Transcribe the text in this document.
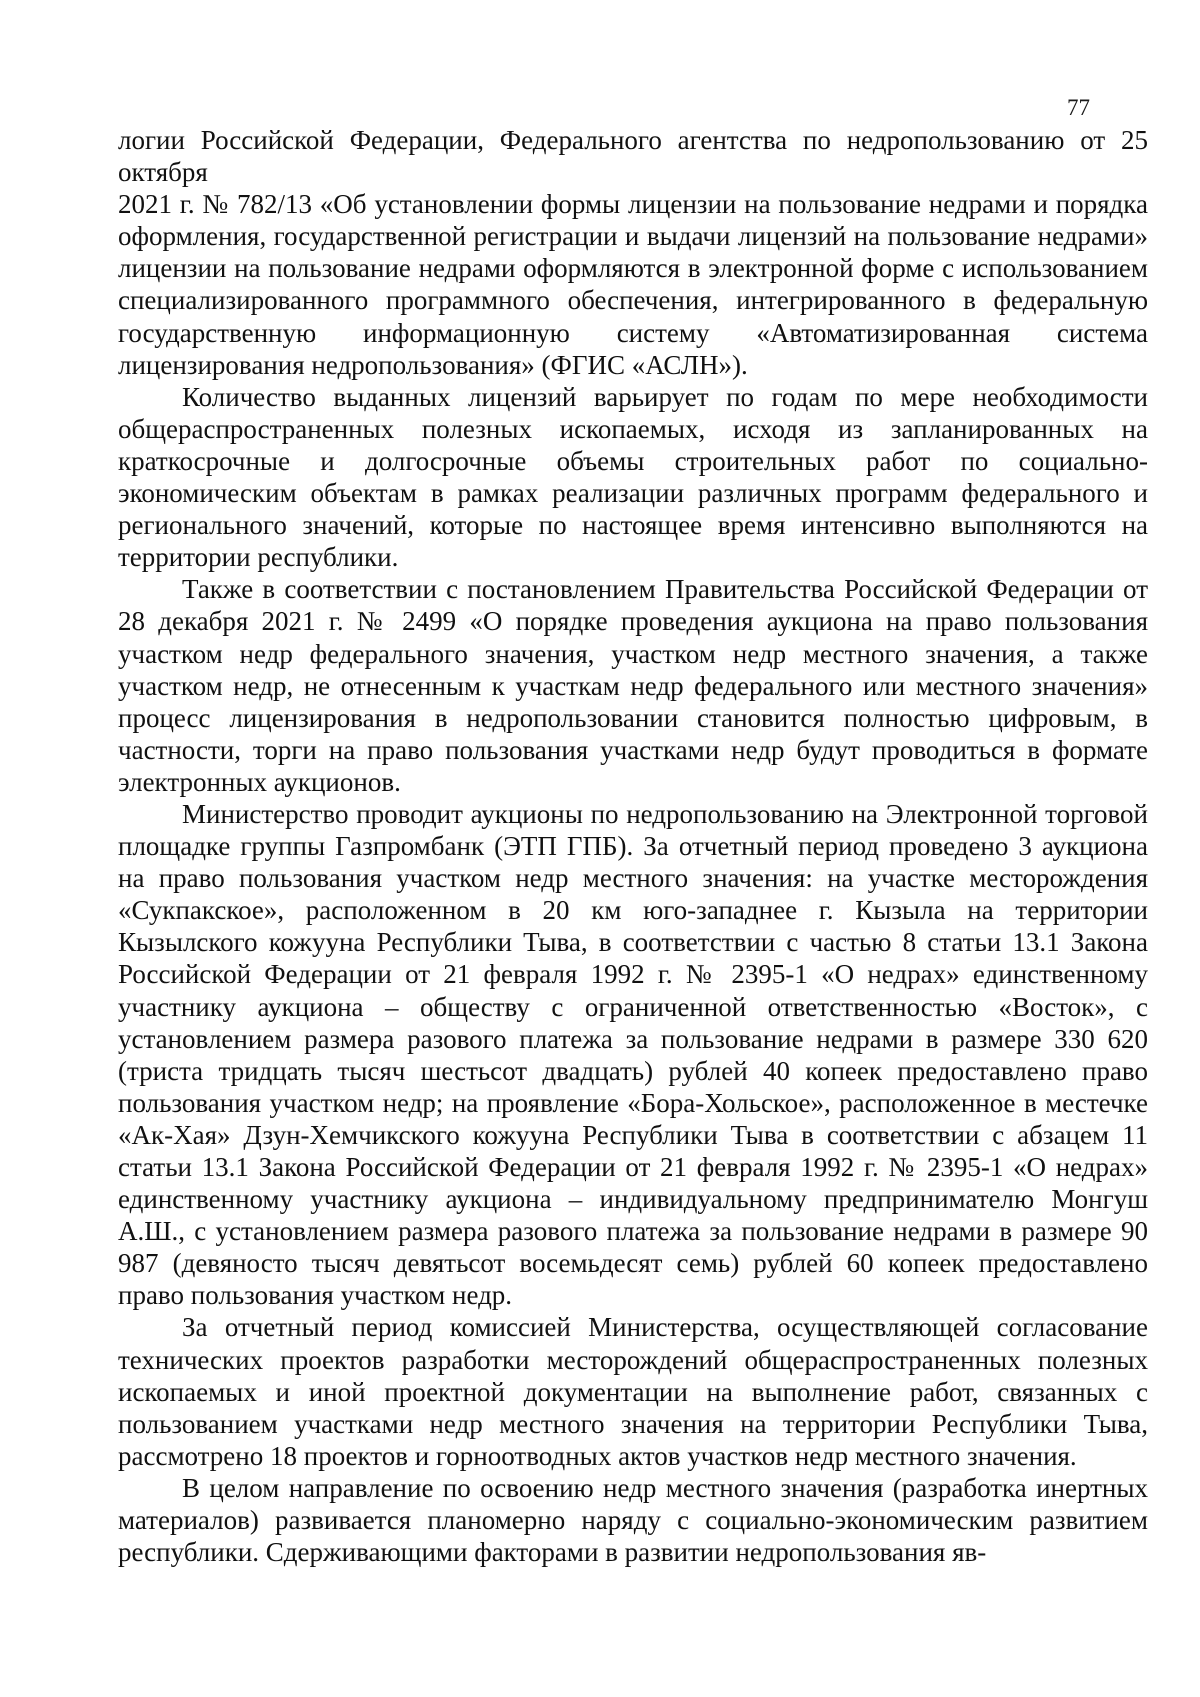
77

логии Российской Федерации, Федерального агентства по недропользованию от 25 октября
2021 г. № 782/13 «Об установлении формы лицензии на пользование недрами и порядка оформления, государственной регистрации и выдачи лицензий на пользование недрами» лицензии на пользование недрами оформляются в электронной форме с использованием специализированного программного обеспечения, интегрированного в федеральную государственную информационную систему «Автоматизированная система лицензирования недропользования» (ФГИС «АСЛН»).

Количество выданных лицензий варьирует по годам по мере необходимости общераспространенных полезных ископаемых, исходя из запланированных на краткосрочные и долгосрочные объемы строительных работ по социально-экономическим объектам в рамках реализации различных программ федерального и регионального значений, которые по настоящее время интенсивно выполняются на территории республики.

Также в соответствии с постановлением Правительства Российской Федерации от 28 декабря 2021 г. № 2499 «О порядке проведения аукциона на право пользования участком недр федерального значения, участком недр местного значения, а также участком недр, не отнесенным к участкам недр федерального или местного значения» процесс лицензирования в недропользовании становится полностью цифровым, в частности, торги на право пользования участками недр будут проводиться в формате электронных аукционов.

Министерство проводит аукционы по недропользованию на Электронной торговой площадке группы Газпромбанк (ЭТП ГПБ). За отчетный период проведено 3 аукциона на право пользования участком недр местного значения: на участке месторождения «Сукпакское», расположенном в 20 км юго-западнее г. Кызыла на территории Кызылского кожууна Республики Тыва, в соответствии с частью 8 статьи 13.1 Закона Российской Федерации от 21 февраля 1992 г. № 2395-1 «О недрах» единственному участнику аукциона – обществу с ограниченной ответственностью «Восток», с установлением размера разового платежа за пользование недрами в размере 330 620 (триста тридцать тысяч шестьсот двадцать) рублей 40 копеек предоставлено право пользования участком недр; на проявление «Бора-Хольское», расположенное в местечке «Ак-Хая» Дзун-Хемчикского кожууна Республики Тыва в соответствии с абзацем 11 статьи 13.1 Закона Российской Федерации от 21 февраля 1992 г. № 2395-1 «О недрах» единственному участнику аукциона – индивидуальному предпринимателю Монгуш А.Ш., с установлением размера разового платежа за пользование недрами в размере 90 987 (девяносто тысяч девятьсот восемьдесят семь) рублей 60 копеек предоставлено право пользования участком недр.

За отчетный период комиссией Министерства, осуществляющей согласование технических проектов разработки месторождений общераспространенных полезных ископаемых и иной проектной документации на выполнение работ, связанных с пользованием участками недр местного значения на территории Республики Тыва, рассмотрено 18 проектов и горноотводных актов участков недр местного значения.

В целом направление по освоению недр местного значения (разработка инертных материалов) развивается планомерно наряду с социально-экономическим развитием республики. Сдерживающими факторами в развитии недропользования яв-
